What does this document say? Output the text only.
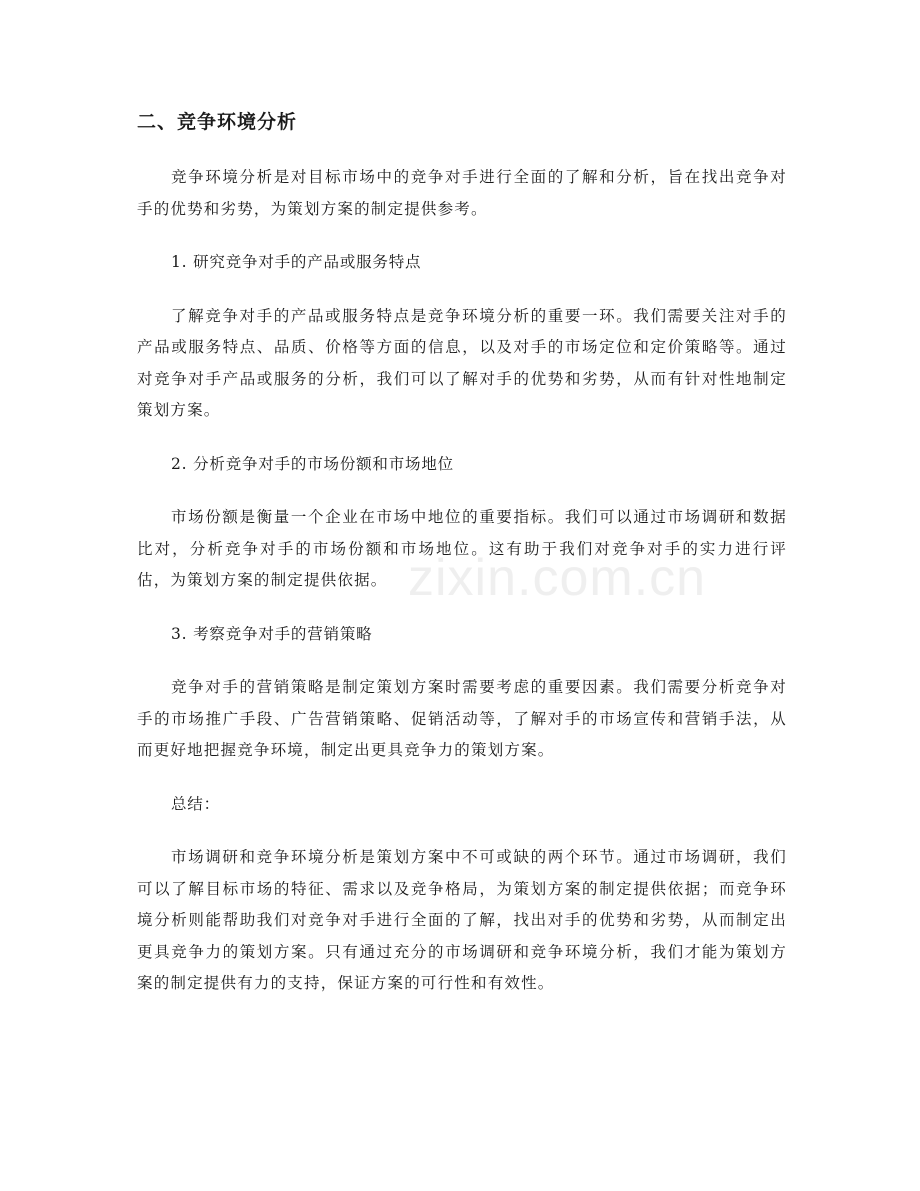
二、竞争环境分析

竞争环境分析是对目标市场中的竞争对手进行全面的了解和分析，旨在找出竞争对手的优势和劣势，为策划方案的制定提供参考。

1. 研究竞争对手的产品或服务特点

了解竞争对手的产品或服务特点是竞争环境分析的重要一环。我们需要关注对手的产品或服务特点、品质、价格等方面的信息，以及对手的市场定位和定价策略等。通过对竞争对手产品或服务的分析，我们可以了解对手的优势和劣势，从而有针对性地制定策划方案。

2. 分析竞争对手的市场份额和市场地位

市场份额是衡量一个企业在市场中地位的重要指标。我们可以通过市场调研和数据比对，分析竞争对手的市场份额和市场地位。这有助于我们对竞争对手的实力进行评估，为策划方案的制定提供依据。

3. 考察竞争对手的营销策略

竞争对手的营销策略是制定策划方案时需要考虑的重要因素。我们需要分析竞争对手的市场推广手段、广告营销策略、促销活动等，了解对手的市场宣传和营销手法，从而更好地把握竞争环境，制定出更具竞争力的策划方案。

总结：

市场调研和竞争环境分析是策划方案中不可或缺的两个环节。通过市场调研，我们可以了解目标市场的特征、需求以及竞争格局，为策划方案的制定提供依据；而竞争环境分析则能帮助我们对竞争对手进行全面的了解，找出对手的优势和劣势，从而制定出更具竞争力的策划方案。只有通过充分的市场调研和竞争环境分析，我们才能为策划方案的制定提供有力的支持，保证方案的可行性和有效性。

zixin.com.cn
